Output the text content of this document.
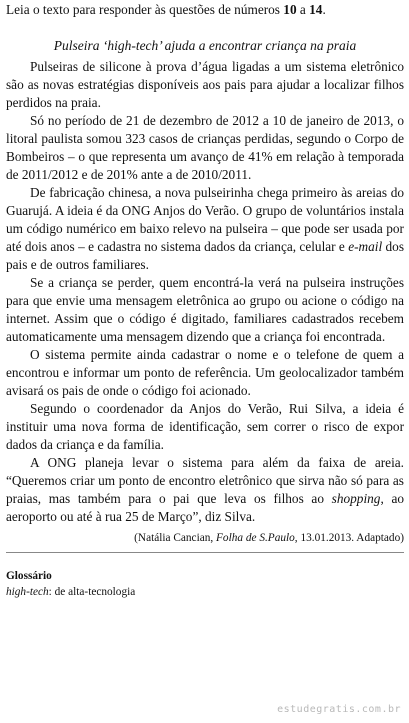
Leia o texto para responder às questões de números 10 a 14.
Pulseira ‘high-tech’ ajuda a encontrar criança na praia

Pulseiras de silicone à prova d’água ligadas a um sistema eletrônico são as novas estratégias disponíveis aos pais para ajudar a localizar filhos perdidos na praia.

Só no período de 21 de dezembro de 2012 a 10 de janeiro de 2013, o litoral paulista somou 323 casos de crianças perdidas, segundo o Corpo de Bombeiros – o que representa um avanço de 41% em relação à temporada de 2011/2012 e de 201% ante a de 2010/2011.

De fabricação chinesa, a nova pulseirinha chega primeiro às areias do Guarujá. A ideia é da ONG Anjos do Verão. O grupo de voluntários instala um código numérico em baixo relevo na pulseira – que pode ser usada por até dois anos – e cadastra no sistema dados da criança, celular e e-mail dos pais e de outros familiares.

Se a criança se perder, quem encontrá-la verá na pulseira instruções para que envie uma mensagem eletrônica ao grupo ou acione o código na internet. Assim que o código é digitado, familiares cadastrados recebem automaticamente uma mensagem dizendo que a criança foi encontrada.

O sistema permite ainda cadastrar o nome e o telefone de quem a encontrou e informar um ponto de referência. Um geolocalizador também avisará os pais de onde o código foi acionado.

Segundo o coordenador da Anjos do Verão, Rui Silva, a ideia é instituir uma nova forma de identificação, sem correr o risco de expor dados da criança e da família.

A ONG planeja levar o sistema para além da faixa de areia. “Queremos criar um ponto de encontro eletrônico que sirva não só para as praias, mas também para o pai que leva os filhos ao shopping, ao aeroporto ou até à rua 25 de Março”, diz Silva.

(Natália Cancian, Folha de S.Paulo, 13.01.2013. Adaptado)
Glossário
high-tech: de alta-tecnologia
estudegratis.com.br
